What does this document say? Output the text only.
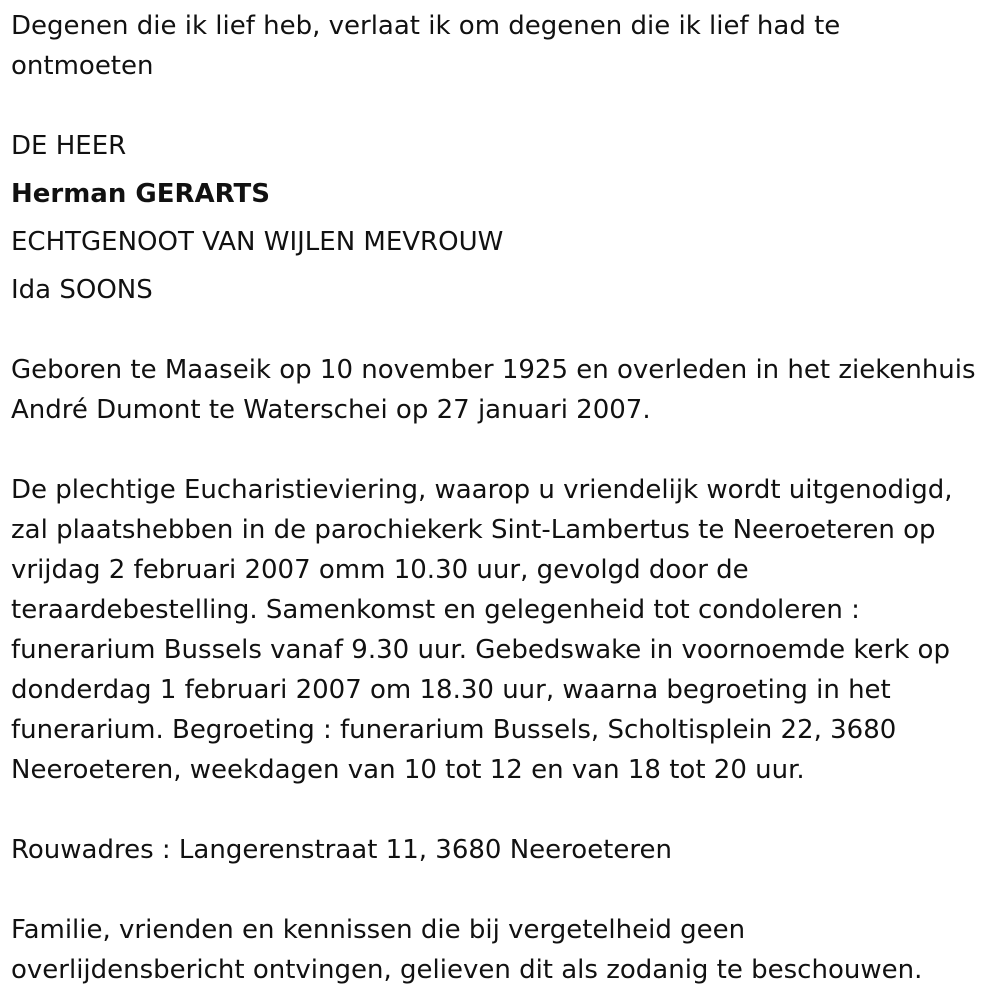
Degenen die ik lief heb, verlaat ik om degenen die ik lief had te
ontmoeten
DE HEER
Herman GERARTS
ECHTGENOOT VAN WIJLEN MEVROUW
Ida SOONS

Geboren te Maaseik op 10 november 1925 en overleden in het ziekenhuis

André Dumont te Waterschei op 27 januari 2007.

De plechtige Eucharistieviering, waarop u vriendelijk wordt uitgenodigd,

zal plaatshebben in de parochiekerk Sint-Lambertus te Neeroeteren op

vrijdag 2 februari 2007 omm 10.30 uur, gevolgd door de

teraardebestelling. Samenkomst en gelegenheid tot condoleren :

funerarium Bussels vanaf 9.30 uur. Gebedswake in voornoemde kerk op

donderdag 1 februari 2007 om 18.30 uur, waarna begroeting in het

funerarium. Begroeting : funerarium Bussels, Scholtisplein 22, 3680

Neeroeteren, weekdagen van 10 tot 12 en van 18 tot 20 uur.

Rouwadres : Langerenstraat 11, 3680 Neeroeteren

Familie, vrienden en kennissen die bij vergetelheid geen

overlijdensbericht ontvingen, gelieven dit als zodanig te beschouwen.
